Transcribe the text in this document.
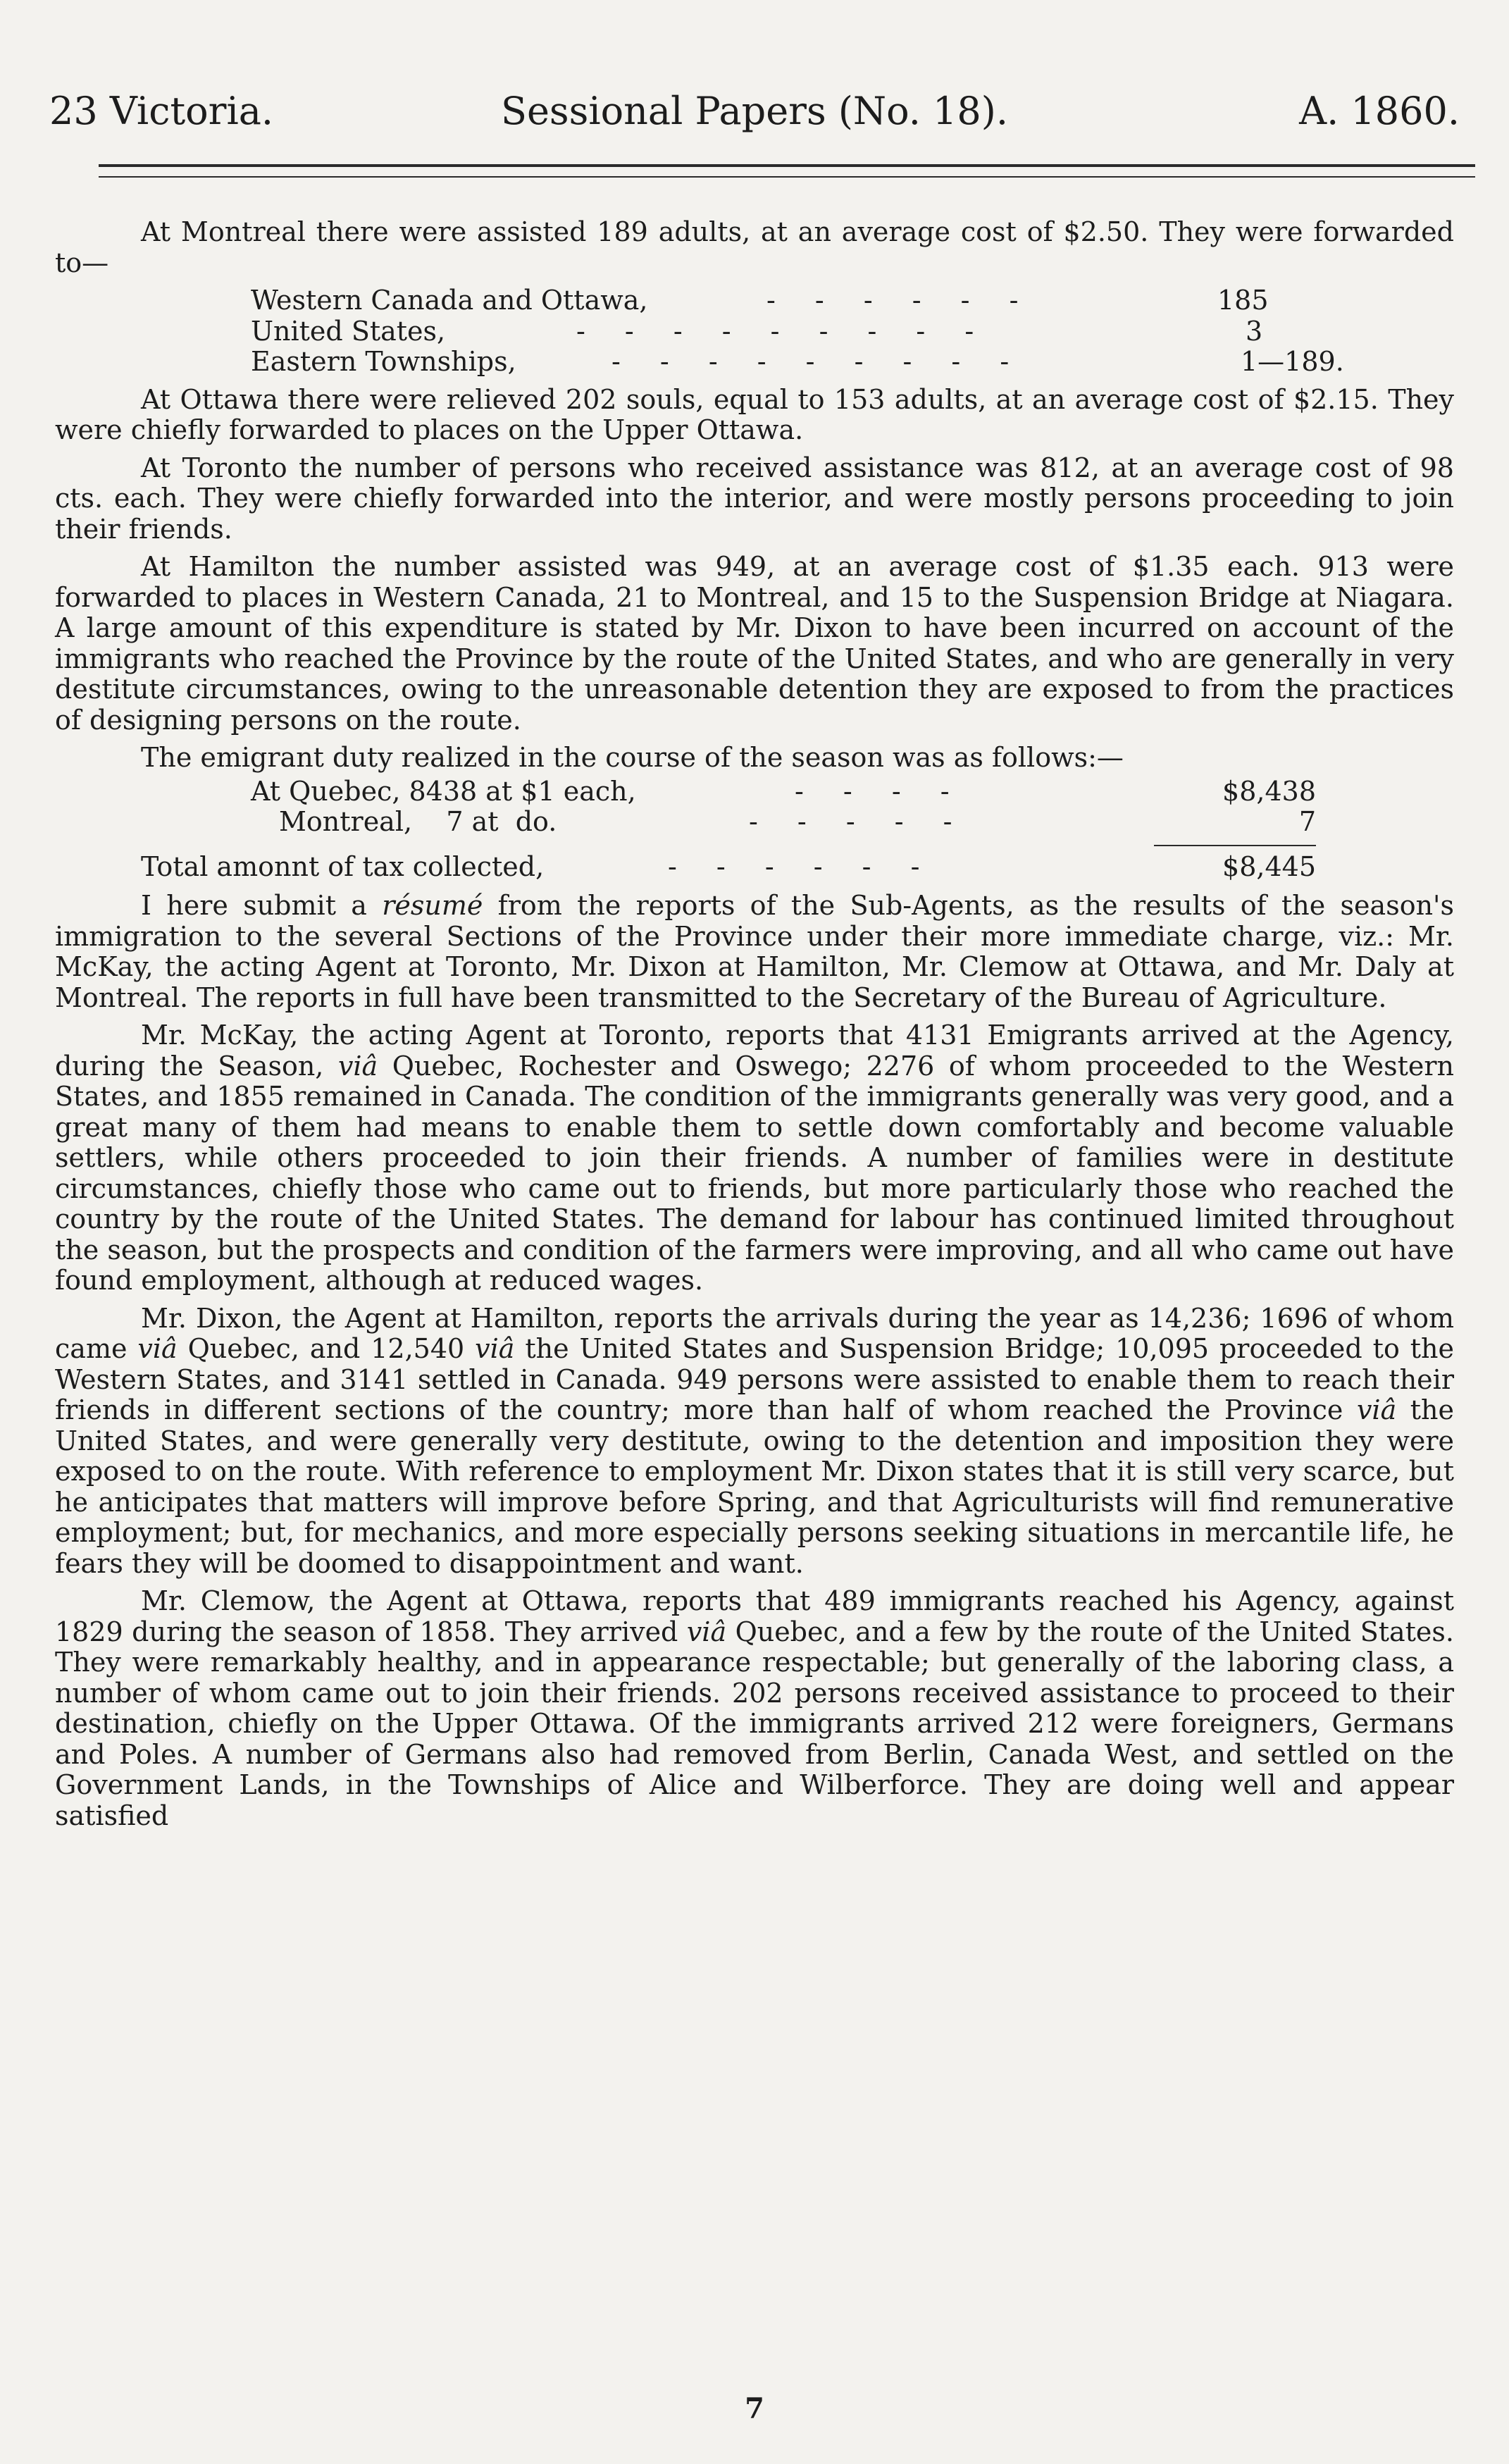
23 Victoria.	Sessional Papers (No. 18).	A. 1860.

At Montreal there were assisted 189 adults, at an average cost of $2.50. They were forwarded to—

Western Canada and Ottawa,	- - - - - -	185
United States,	- - - - - - - - -	3
Eastern Townships,	- - - - - - - - -	1—189.

At Ottawa there were relieved 202 souls, equal to 153 adults, at an average cost of $2.15. They were chiefly forwarded to places on the Upper Ottawa.

At Toronto the number of persons who received assistance was 812, at an average cost of 98 cts. each. They were chiefly forwarded into the interior, and were mostly persons proceeding to join their friends.

At Hamilton the number assisted was 949, at an average cost of $1.35 each. 913 were forwarded to places in Western Canada, 21 to Montreal, and 15 to the Suspension Bridge at Niagara. A large amount of this expenditure is stated by Mr. Dixon to have been incurred on account of the immigrants who reached the Province by the route of the United States, and who are generally in very destitute circumstances, owing to the unreasonable detention they are exposed to from the practices of designing persons on the route.

The emigrant duty realized in the course of the season was as follows:—

At Quebec, 8438 at $1 each,	- - - -	$8,438
Montreal,    7 at  do.	- - - - -	7
Total amonnt of tax collected,	- - - - - -	$8,445

I here submit a résumé from the reports of the Sub-Agents, as the results of the season's immigration to the several Sections of the Province under their more immediate charge, viz.: Mr. McKay, the acting Agent at Toronto, Mr. Dixon at Hamilton, Mr. Clemow at Ottawa, and Mr. Daly at Montreal. The reports in full have been transmitted to the Secretary of the Bureau of Agriculture.

Mr. McKay, the acting Agent at Toronto, reports that 4131 Emigrants arrived at the Agency, during the Season, viâ Quebec, Rochester and Oswego; 2276 of whom proceeded to the Western States, and 1855 remained in Canada. The condition of the immigrants generally was very good, and a great many of them had means to enable them to settle down comfortably and become valuable settlers, while others proceeded to join their friends. A number of families were in destitute circumstances, chiefly those who came out to friends, but more particularly those who reached the country by the route of the United States. The demand for labour has continued limited throughout the season, but the prospects and condition of the farmers were improving, and all who came out have found employment, although at reduced wages.

Mr. Dixon, the Agent at Hamilton, reports the arrivals during the year as 14,236; 1696 of whom came viâ Quebec, and 12,540 viâ the United States and Suspension Bridge; 10,095 proceeded to the Western States, and 3141 settled in Canada. 949 persons were assisted to enable them to reach their friends in different sections of the country; more than half of whom reached the Province viâ the United States, and were generally very destitute, owing to the detention and imposition they were exposed to on the route. With reference to employment Mr. Dixon states that it is still very scarce, but he anticipates that matters will improve before Spring, and that Agriculturists will find remunerative employment; but, for mechanics, and more especially persons seeking situations in mercantile life, he fears they will be doomed to disappointment and want.

Mr. Clemow, the Agent at Ottawa, reports that 489 immigrants reached his Agency, against 1829 during the season of 1858. They arrived viâ Quebec, and a few by the route of the United States. They were remarkably healthy, and in appearance respectable; but generally of the laboring class, a number of whom came out to join their friends. 202 persons received assistance to proceed to their destination, chiefly on the Upper Ottawa. Of the immigrants arrived 212 were foreigners, Germans and Poles. A number of Germans also had removed from Berlin, Canada West, and settled on the Government Lands, in the Townships of Alice and Wilberforce. They are doing well and appear satisfied

7
